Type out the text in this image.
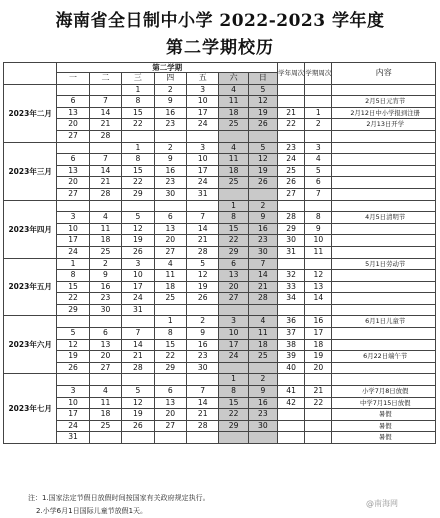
海南省全日制中小学 2022-2023 学年度
第二学期校历
	第二学期							学年周次	学期周次	内容
	一	二	三	四	五	六	日			
2023年二月			1	2	3	4	5			
	6	7	8	9	10	11	12			2月5日元宵节
	13	14	15	16	17	18	19	21	1	2月12日中小学报到注册
	20	21	22	23	24	25	26	22	2	2月13日开学
	27	28								
2023年三月			1	2	3	4	5	23	3	
	6	7	8	9	10	11	12	24	4	
	13	14	15	16	17	18	19	25	5	
	20	21	22	23	24	25	26	26	6	
	27	28	29	30	31			27	7	
2023年四月						1	2			
	3	4	5	6	7	8	9	28	8	4月5日清明节
	10	11	12	13	14	15	16	29	9	
	17	18	19	20	21	22	23	30	10	
	24	25	26	27	28	29	30	31	11	
2023年五月	1	2	3	4	5	6	7			5月1日劳动节
	8	9	10	11	12	13	14	32	12	
	15	16	17	18	19	20	21	33	13	
	22	23	24	25	26	27	28	34	14	
	29	30	31							
2023年六月				1	2	3	4	36	16	6月1日儿童节
	5	6	7	8	9	10	11	37	17	
	12	13	14	15	16	17	18	38	18	
	19	20	21	22	23	24	25	39	19	6月22日端午节
	26	27	28	29	30			40	20	
2023年七月						1	2			
	3	4	5	6	7	8	9	41	21	小学7月8日放假
	10	11	12	13	14	15	16	42	22	中学7月15日放假
	17	18	19	20	21	22	23			暑假
	24	25	26	27	28	29	30			暑假
	31									暑假
注：1.国家法定节假日放假时间按国家有关政府规定执行。
2.小学6月1日国际儿童节放假1天。
@南海网
